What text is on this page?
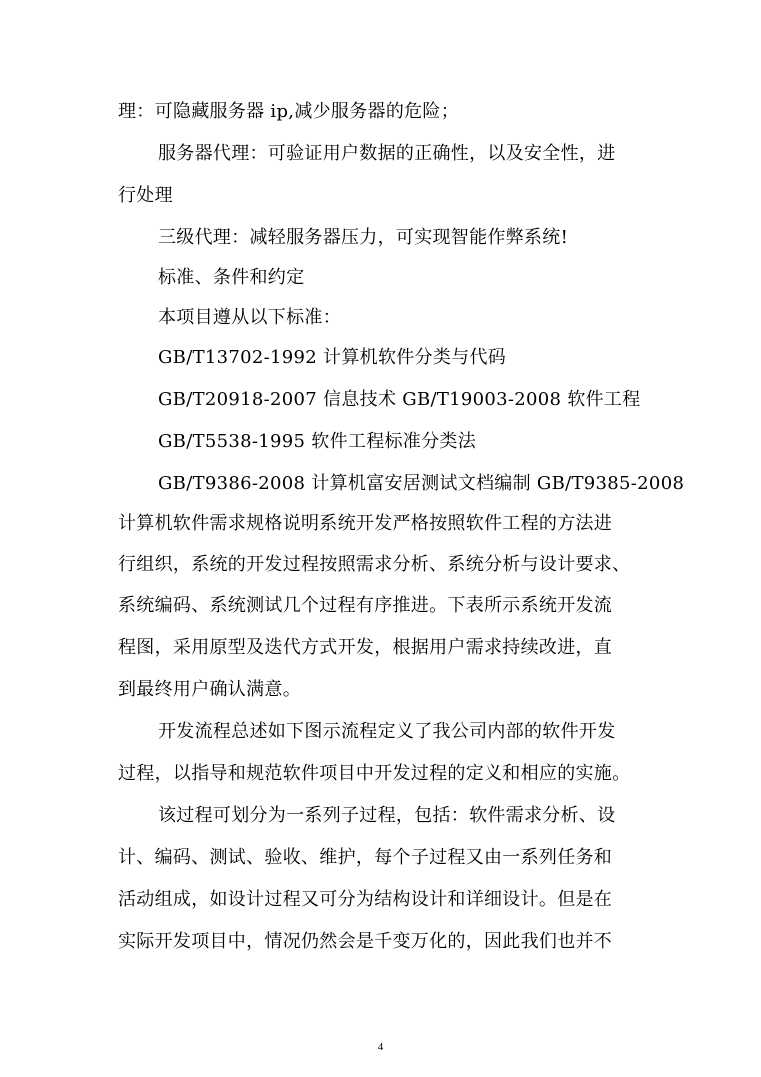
理：可隐藏服务器 ip,减少服务器的危险；

服务器代理：可验证用户数据的正确性，以及安全性，进

行处理

三级代理：减轻服务器压力，可实现智能作弊系统!

标准、条件和约定

本项目遵从以下标准：

GB/T13702-1992 计算机软件分类与代码

GB/T20918-2007 信息技术 GB/T19003-2008 软件工程

GB/T5538-1995 软件工程标准分类法

GB/T9386-2008 计算机富安居测试文档编制 GB/T9385-2008

计算机软件需求规格说明系统开发严格按照软件工程的方法进

行组织，系统的开发过程按照需求分析、系统分析与设计要求、

系统编码、系统测试几个过程有序推进。下表所示系统开发流

程图，采用原型及迭代方式开发，根据用户需求持续改进，直

到最终用户确认满意。

开发流程总述如下图示流程定义了我公司内部的软件开发

过程，以指导和规范软件项目中开发过程的定义和相应的实施。

该过程可划分为一系列子过程，包括：软件需求分析、设

计、编码、测试、验收、维护，每个子过程又由一系列任务和

活动组成，如设计过程又可分为结构设计和详细设计。但是在

实际开发项目中，情况仍然会是千变万化的，因此我们也并不

4
